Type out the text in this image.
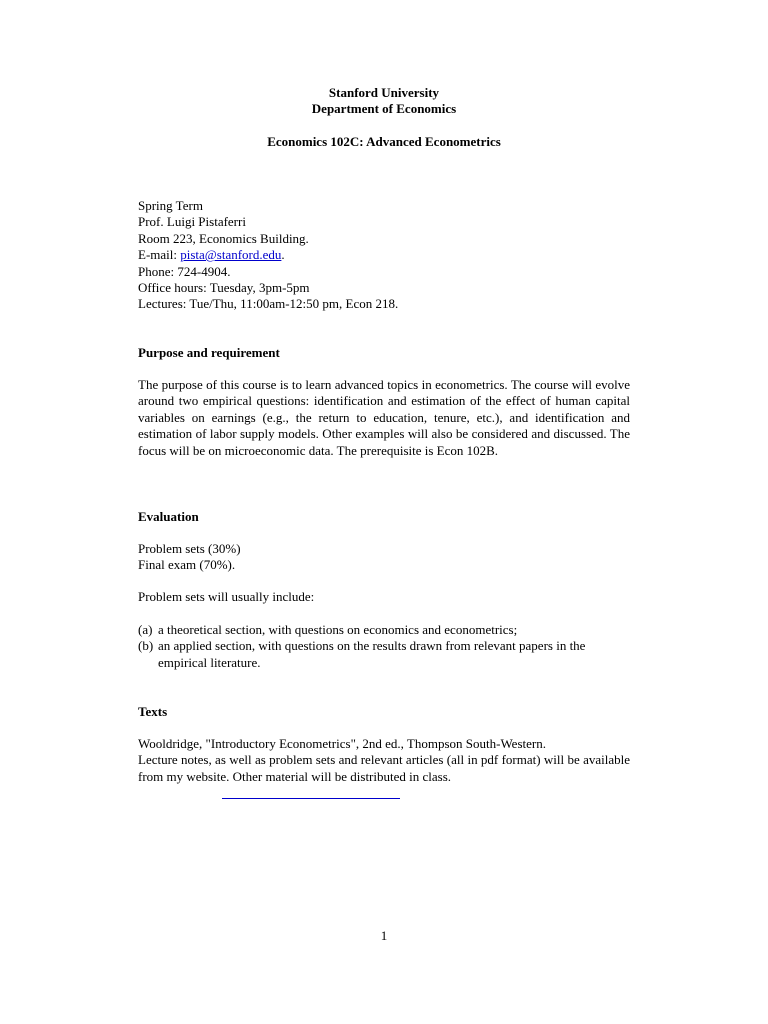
Stanford University
Department of Economics
Economics 102C: Advanced Econometrics
Spring Term
Prof. Luigi Pistaferri
Room 223, Economics Building.
E-mail: pista@stanford.edu.
Phone: 724-4904.
Office hours: Tuesday, 3pm-5pm
Lectures: Tue/Thu, 11:00am-12:50 pm, Econ 218.
Purpose and requirement
The purpose of this course is to learn advanced topics in econometrics. The course will evolve around two empirical questions: identification and estimation of the effect of human capital variables on earnings (e.g., the return to education, tenure, etc.), and identification and estimation of labor supply models. Other examples will also be considered and discussed. The focus will be on microeconomic data. The prerequisite is Econ 102B.
Evaluation
Problem sets (30%)
Final exam (70%).
Problem sets will usually include:
(a) a theoretical section, with questions on economics and econometrics;
(b) an applied section, with questions on the results drawn from relevant papers in the empirical literature.
Texts
Wooldridge, "Introductory Econometrics", 2nd ed., Thompson South-Western.
Lecture notes, as well as problem sets and relevant articles (all in pdf format) will be available from my website. Other material will be distributed in class.
1
